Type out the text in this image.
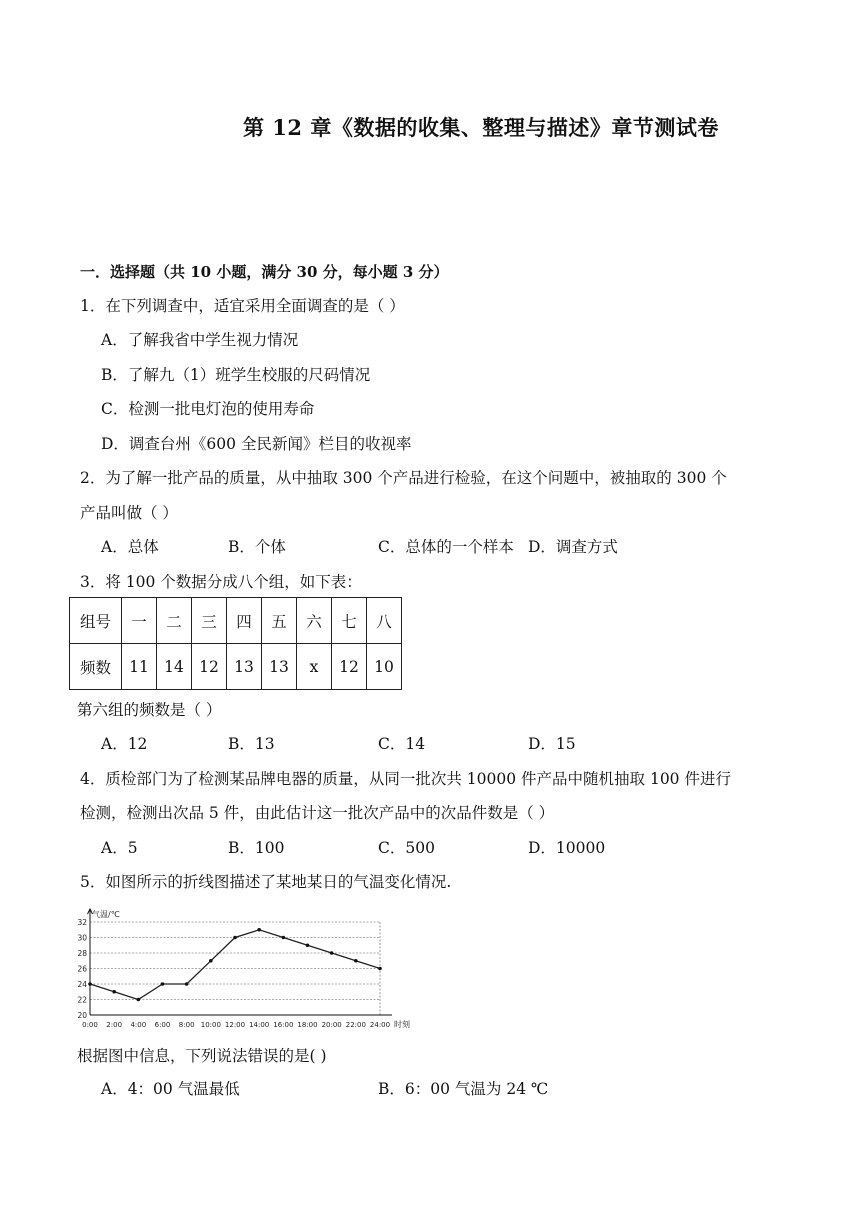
第 12 章《数据的收集、整理与描述》章节测试卷
一．选择题（共 10 小题，满分 30 分，每小题 3 分）
1．在下列调查中，适宜采用全面调查的是（ ）
A．了解我省中学生视力情况
B．了解九（1）班学生校服的尺码情况
C．检测一批电灯泡的使用寿命
D．调查台州《600 全民新闻》栏目的收视率
2．为了解一批产品的质量，从中抽取 300 个产品进行检验，在这个问题中，被抽取的 300 个
产品叫做（ ）
A．总体	B．个体	C．总体的一个样本 D．调查方式
3．将 100 个数据分成八个组，如下表：
组号	一	二	三	四	五	六	七	八
频数	11	14	12	13	13	x	12	10
第六组的频数是（ ）
A．12	B．13	C．14	D．15
4．质检部门为了检测某品牌电器的质量，从同一批次共 10000 件产品中随机抽取 100 件进行
检测，检测出次品 5 件，由此估计这一批次产品中的次品件数是（ ）
A．5	B．100	C．500	D．10000
5．如图所示的折线图描述了某地某日的气温变化情况.
20
22
24
26
28
30
32
0:00 2:00 4:00 6:00 8:00 10:00 12:00 14:00 16:00 18:00 20:00 22:00 24:00
气温/℃
时刻
根据图中信息，下列说法错误的是( )
A．4：00 气温最低	B．6：00 气温为 24 ℃
